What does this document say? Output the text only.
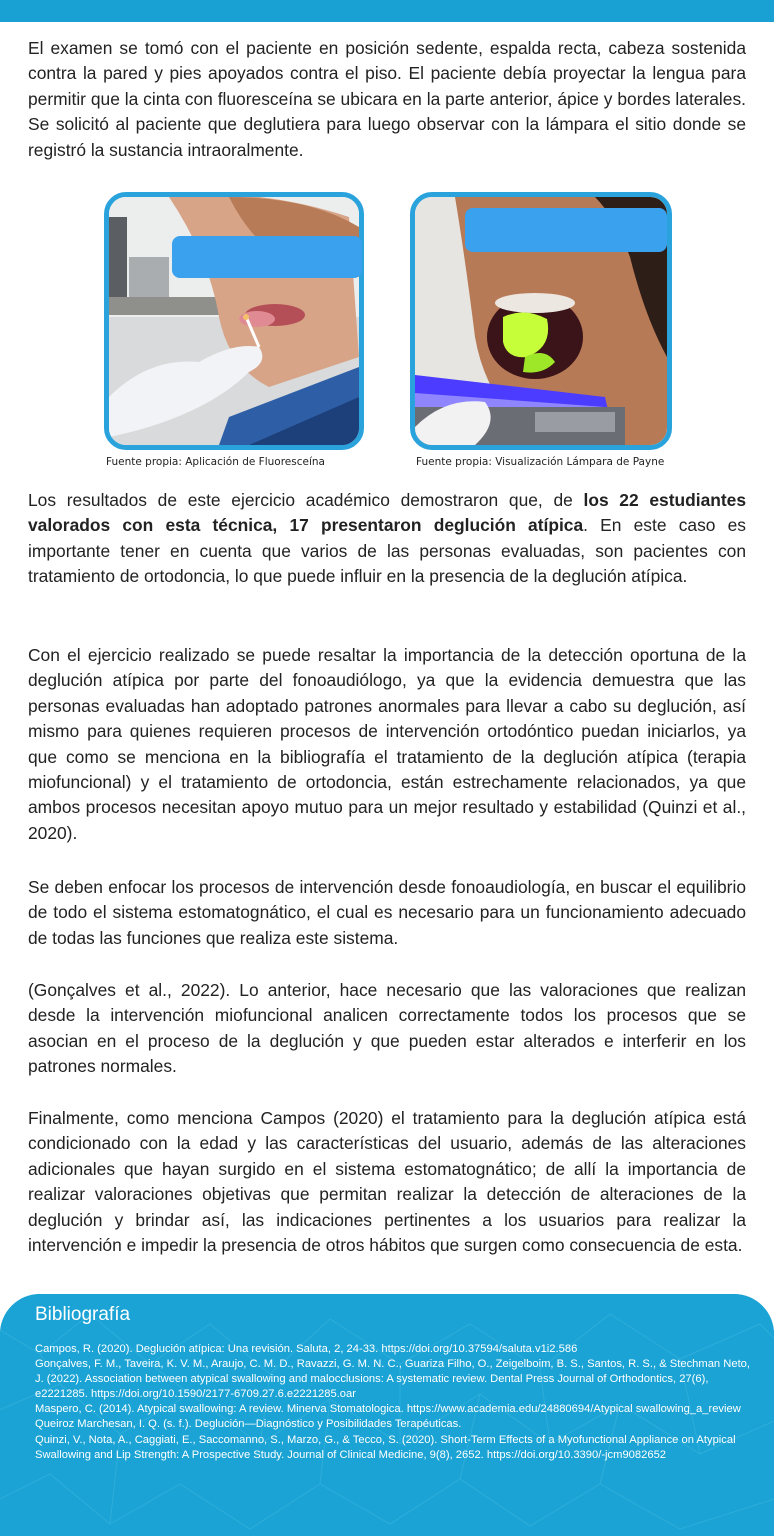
El examen se tomó con el paciente en posición sedente, espalda recta, cabeza sostenida contra la pared y pies apoyados contra el piso. El paciente debía proyectar la lengua para permitir que la cinta con fluoresceína se ubicara en la parte anterior, ápice y bordes laterales. Se solicitó al paciente que deglutiera para luego observar con la lámpara el sitio donde se registró la sustancia intraoralmente.

Fuente propia: Aplicación de Fluoresceína	Fuente propia: Visualización Lámpara de Payne

Los resultados de este ejercicio académico demostraron que, de los 22 estudiantes valorados con esta técnica, 17 presentaron deglución atípica. En este caso es importante tener en cuenta que varios de las personas evaluadas, son pacientes con tratamiento de ortodoncia, lo que puede influir en la presencia de la deglución atípica.

Con el ejercicio realizado se puede resaltar la importancia de la detección oportuna de la deglución atípica por parte del fonoaudiólogo, ya que la evidencia demuestra que las personas evaluadas han adoptado patrones anormales para llevar a cabo su deglución, así mismo para quienes requieren procesos de intervención ortodóntico puedan iniciarlos, ya que como se menciona en la bibliografía el tratamiento de la deglución atípica (terapia miofuncional) y el tratamiento de ortodoncia, están estrechamente relacionados, ya que ambos procesos necesitan apoyo mutuo para un mejor resultado y estabilidad (Quinzi et al., 2020).

Se deben enfocar los procesos de intervención desde fonoaudiología, en buscar el equilibrio de todo el sistema estomatognático, el cual es necesario para un funcionamiento adecuado de todas las funciones que realiza este sistema.

(Gonçalves et al., 2022). Lo anterior, hace necesario que las valoraciones que realizan desde la intervención miofuncional analicen correctamente todos los procesos que se asocian en el proceso de la deglución y que pueden estar alterados e interferir en los patrones normales.

Finalmente, como menciona Campos (2020) el tratamiento para la deglución atípica está condicionado con la edad y las características del usuario, además de las alteraciones adicionales que hayan surgido en el sistema estomatognático; de allí la importancia de realizar valoraciones objetivas que permitan realizar la detección de alteraciones de la deglución y brindar así, las indicaciones pertinentes a los usuarios para realizar la intervención e impedir la presencia de otros hábitos que surgen como consecuencia de esta.

Bibliografía
Campos, R. (2020). Deglución atípica: Una revisión. Saluta, 2, 24-33. https://doi.org/10.37594/saluta.v1i2.586
Gonçalves, F. M., Taveira, K. V. M., Araujo, C. M. D., Ravazzi, G. M. N. C., Guariza Filho, O., Zeigelboim, B. S., Santos, R. S., & Stechman Neto, J. (2022). Association between atypical swallowing and malocclusions: A systematic review. Dental Press Journal of Orthodontics, 27(6), e2221285. https://doi.org/10.1590/2177-6709.27.6.e2221285.oar
Maspero, C. (2014). Atypical swallowing: A review. Minerva Stomatologica. https://www.academia.edu/24880694/Atypical swallowing_a_review
Queiroz Marchesan, I. Q. (s. f.). Deglución—Diagnóstico y Posibilidades Terapéuticas.
Quinzi, V., Nota, A., Caggiati, E., Saccomanno, S., Marzo, G., & Tecco, S. (2020). Short-Term Effects of a Myofunctional Appliance on Atypical Swallowing and Lip Strength: A Prospective Study. Journal of Clinical Medicine, 9(8), 2652. https://doi.org/10.3390/-jcm9082652
